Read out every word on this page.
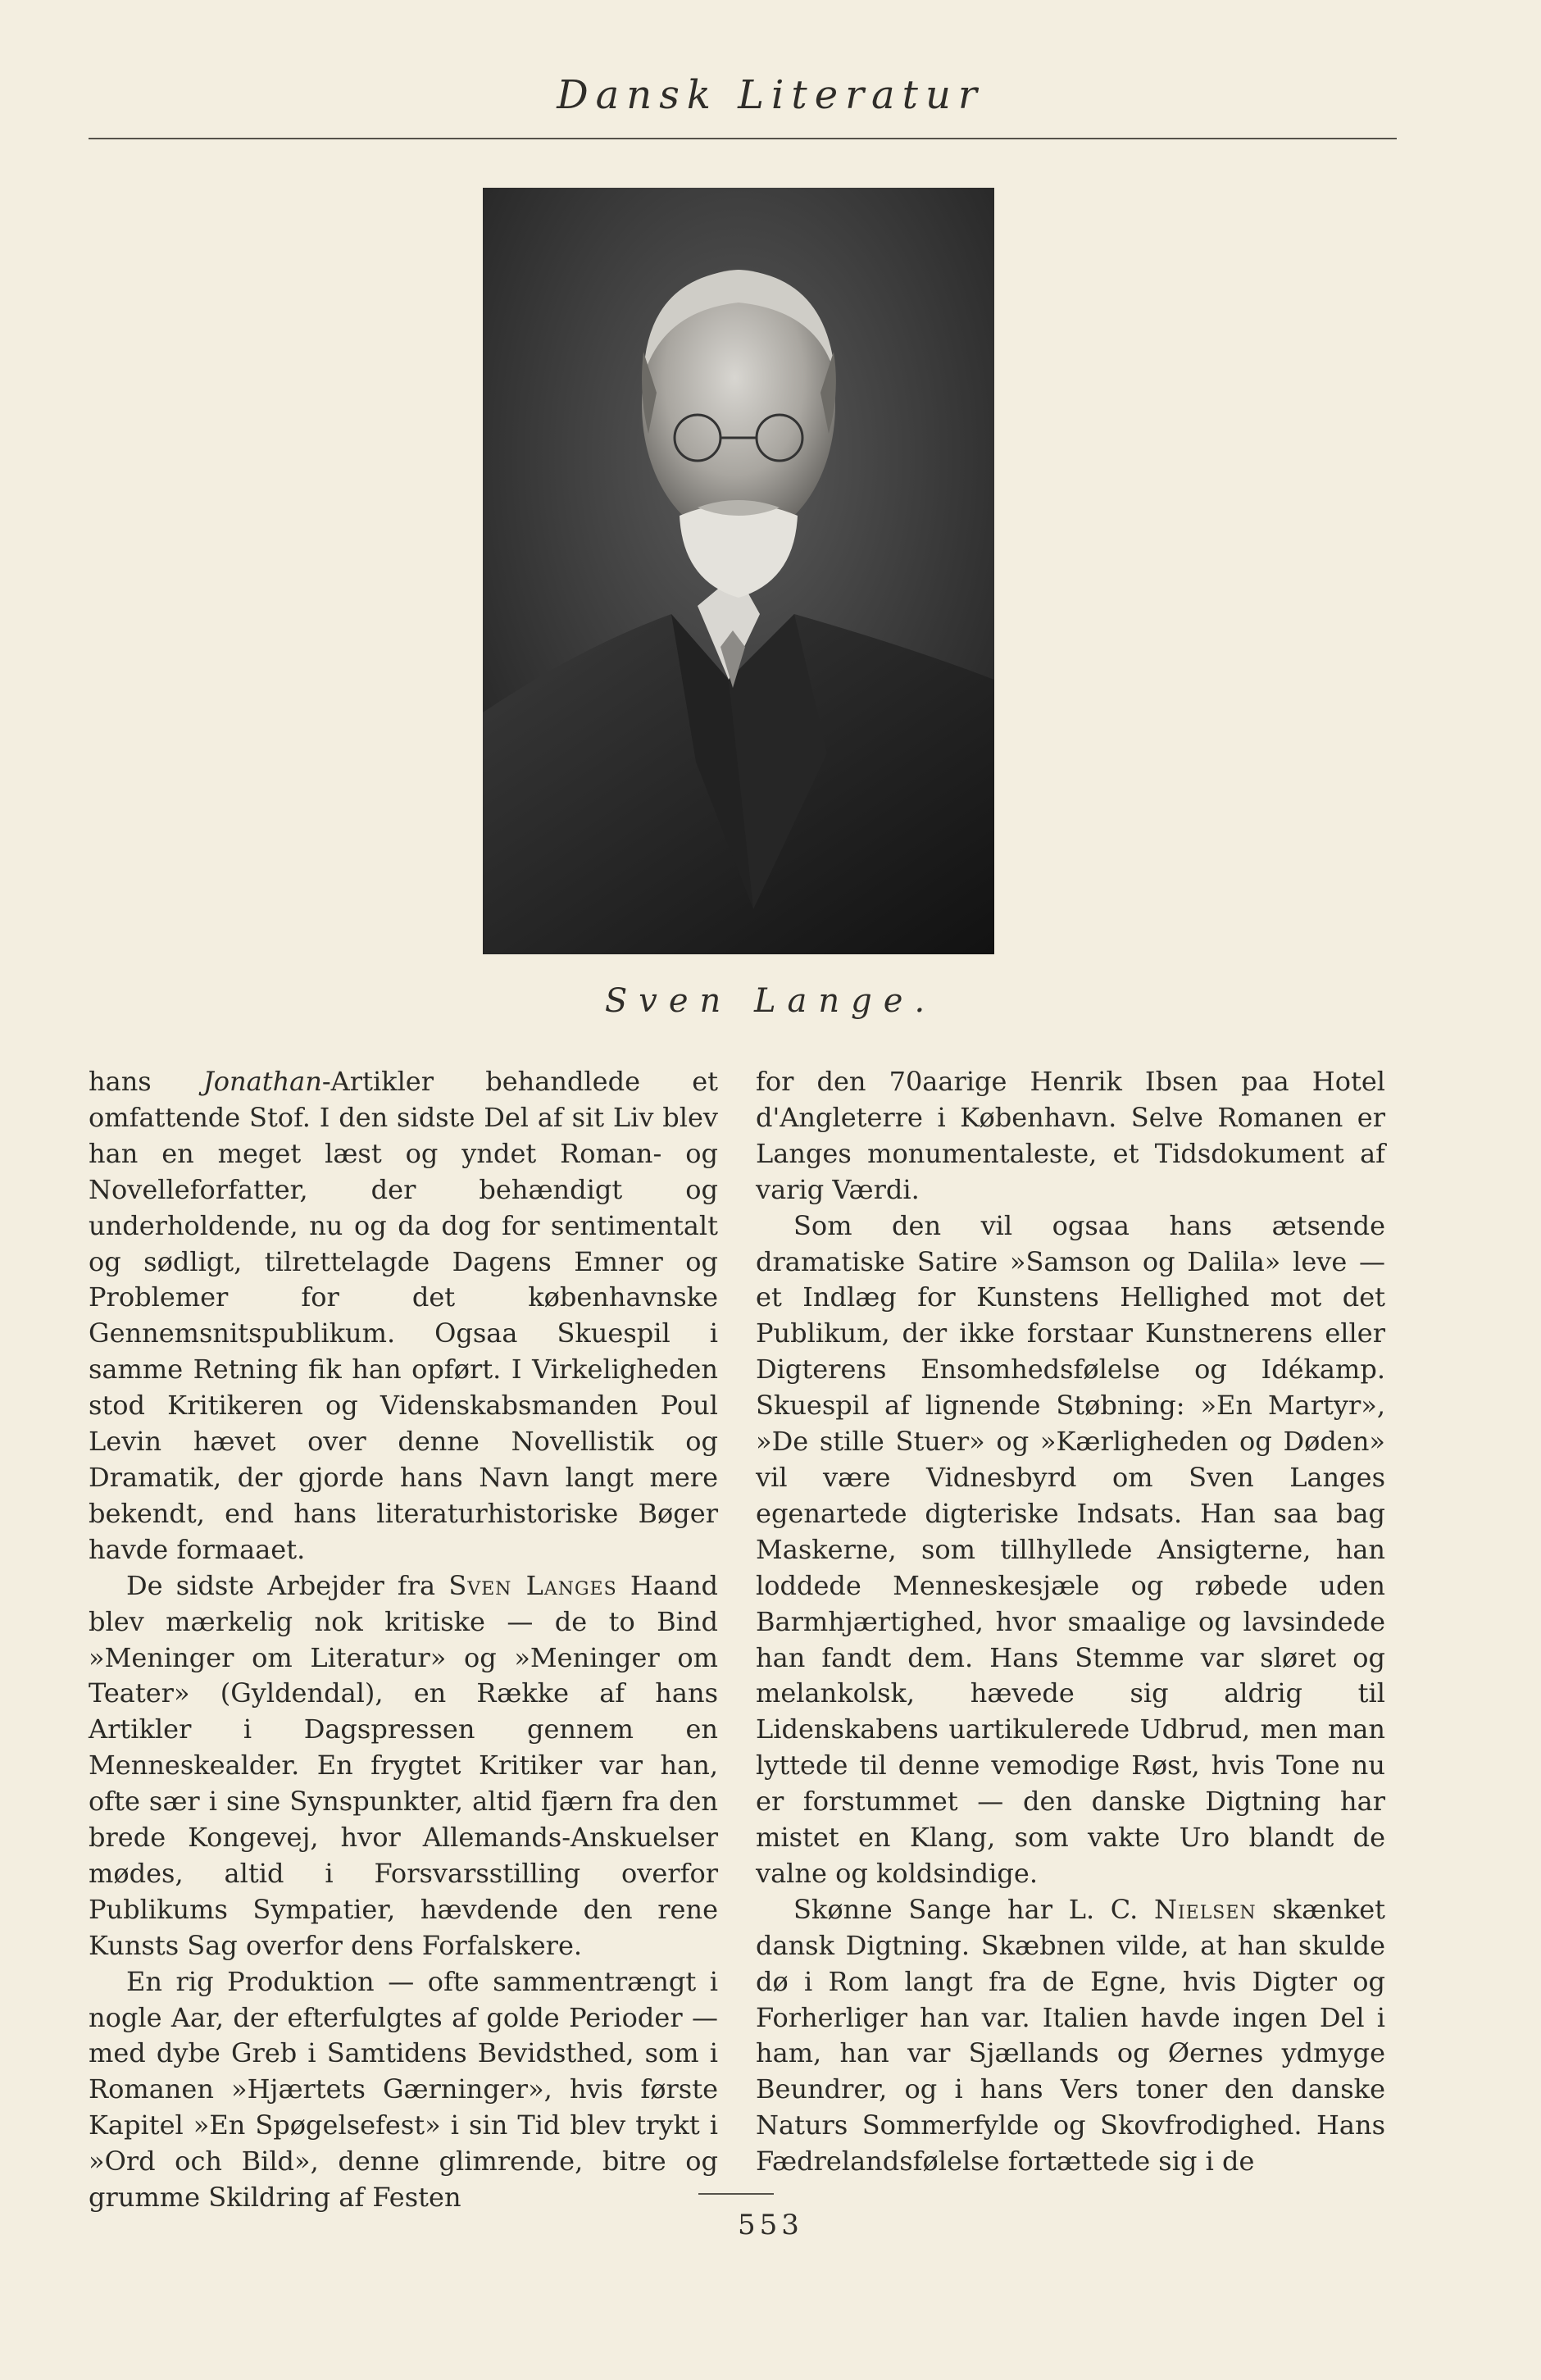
Dansk Literatur
Sven Lange.

hans Jonathan-Artikler behandlede et omfattende Stof. I den sidste Del af sit Liv blev han en meget læst og yndet Roman- og Novelleforfatter, der behændigt og underholdende, nu og da dog for sentimentalt og sødligt, tilrettelagde Dagens Emner og Problemer for det københavnske Gennemsnitspublikum. Ogsaa Skuespil i samme Retning fik han opført. I Virkeligheden stod Kritikeren og Videnskabsmanden Poul Levin hævet over denne Novellistik og Dramatik, der gjorde hans Navn langt mere bekendt, end hans literaturhistoriske Bøger havde formaaet.

De sidste Arbejder fra Sven Langes Haand blev mærkelig nok kritiske — de to Bind »Meninger om Literatur» og »Meninger om Teater» (Gyldendal), en Række af hans Artikler i Dagspressen gennem en Menneskealder. En frygtet Kritiker var han, ofte sær i sine Synspunkter, altid fjærn fra den brede Kongevej, hvor Allemands-Anskuelser mødes, altid i Forsvarsstilling overfor Publikums Sympatier, hævdende den rene Kunsts Sag overfor dens Forfalskere.

En rig Produktion — ofte sammentrængt i nogle Aar, der efterfulgtes af golde Perioder — med dybe Greb i Samtidens Bevidsthed, som i Romanen »Hjærtets Gærninger», hvis første Kapitel »En Spøgelsefest» i sin Tid blev trykt i »Ord och Bild», denne glimrende, bitre og grumme Skildring af Festen

for den 70aarige Henrik Ibsen paa Hotel d'Angleterre i København. Selve Romanen er Langes monumentaleste, et Tidsdokument af varig Værdi.

Som den vil ogsaa hans ætsende dramatiske Satire »Samson og Dalila» leve — et Indlæg for Kunstens Hellighed mot det Publikum, der ikke forstaar Kunstnerens eller Digterens Ensomhedsfølelse og Idékamp. Skuespil af lignende Støbning: »En Martyr», »De stille Stuer» og »Kærligheden og Døden» vil være Vidnesbyrd om Sven Langes egenartede digteriske Indsats. Han saa bag Maskerne, som tillhyllede Ansigterne, han loddede Menneskesjæle og røbede uden Barmhjærtighed, hvor smaalige og lavsindede han fandt dem. Hans Stemme var sløret og melankolsk, hævede sig aldrig til Lidenskabens uartikulerede Udbrud, men man lyttede til denne vemodige Røst, hvis Tone nu er forstummet — den danske Digtning har mistet en Klang, som vakte Uro blandt de valne og koldsindige.

Skønne Sange har L. C. Nielsen skænket dansk Digtning. Skæbnen vilde, at han skulde dø i Rom langt fra de Egne, hvis Digter og Forherliger han var. Italien havde ingen Del i ham, han var Sjællands og Øernes ydmyge Beundrer, og i hans Vers toner den danske Naturs Sommerfylde og Skovfrodighed. Hans Fædrelandsfølelse fortættede sig i de

553
